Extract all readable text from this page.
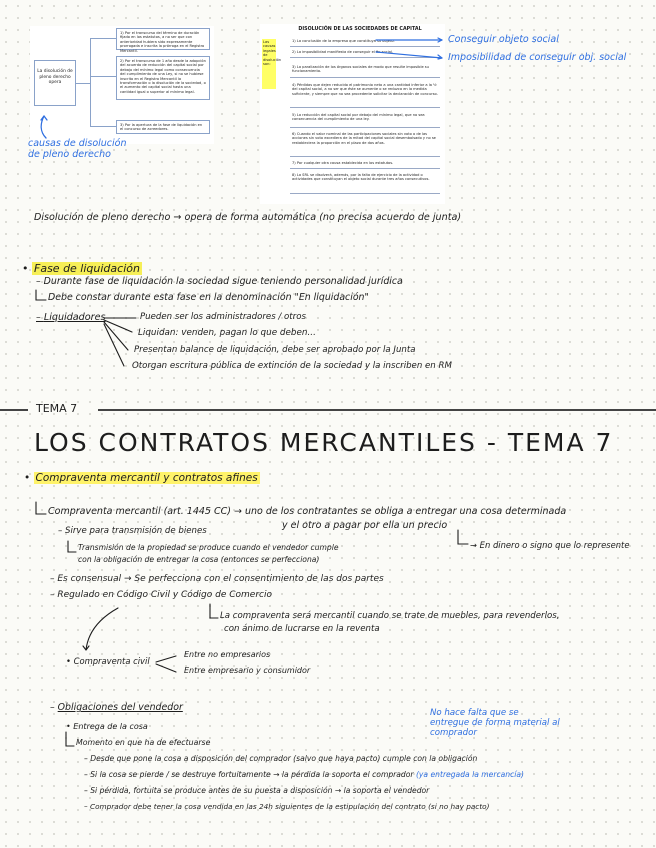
La disolución de pleno derecho opera
1) Por el transcurso del término de duración fijado en los estatutos, a no ser que con anterioridad hubiera sido expresamente prorrogada e inscrita la prórroga en el Registro Mercantil.
2) Por el transcurso de 1 año desde la adopción del acuerdo de reducción del capital social por debajo del mínimo legal como consecuencia del cumplimiento de una Ley, si no se hubiese inscrito en el Registro Mercantil la transformación o la disolución de la sociedad, o el aumento del capital social hasta una cantidad igual o superior al mínimo legal.
3) Por la apertura de la fase de liquidación en el concurso de acreedores.
DISOLUCIÓN DE LAS SOCIEDADES DE CAPITAL
Las causas legales de disolución son:
1) La conclusión de la empresa que constituya su objeto.
2) La imposibilidad manifiesta de conseguir el fin social.
3) La paralización de los órganos sociales de modo que resulte imposible su funcionamiento.
4) Pérdidas que dejen reducido el patrimonio neto a una cantidad inferior a la ½ del capital social, a no ser que éste se aumente o se reduzca en la medida suficiente, y siempre que no sea procedente solicitar la declaración de concurso.
5) La reducción del capital social por debajo del mínimo legal, que no sea consecuencia del cumplimiento de una ley.
6) Cuando el valor nominal de las participaciones sociales sin voto o de las acciones sin voto excediera de la mitad del capital social desembolsado y no se restableciera la proporción en el plazo de dos años.
7) Por cualquier otra causa establecida en los estatutos.
8) La SRL se disolverá, además, por la falta de ejercicio de la actividad o actividades que constituyan el objeto social durante tres años consecutivos.
causas de disolución de pleno derecho
Conseguir objeto social
Imposibilidad de conseguir obj. social
Disolución de pleno derecho → opera de forma automática (no precisa acuerdo de junta)
• Fase de liquidación
– Durante fase de liquidación la sociedad sigue teniendo personalidad jurídica
Debe constar durante esta fase en la denominación "En liquidación"
– Liquidadores	Pueden ser los administradores / otros
Liquidan: venden, pagan lo que deben...
Presentan balance de liquidación, debe ser aprobado por la Junta
Otorgan escritura pública de extinción de la sociedad y la inscriben en RM
TEMA 7
LOS CONTRATOS MERCANTILES - TEMA 7
• Compraventa mercantil y contratos afines
Compraventa mercantil (art. 1445 CC) → uno de los contratantes se obliga a entregar una cosa determinada
y el otro a pagar por ella un precio
– Sirve para transmisión de bienes
→ En dinero o signo que lo represente
Transmisión de la propiedad se produce cuando el vendedor cumple
con la obligación de entregar la cosa (entonces se perfecciona)
– Es consensual → Se perfecciona con el consentimiento de las dos partes
– Regulado en Código Civil y Código de Comercio
La compraventa será mercantil cuando se trate de muebles, para revenderlos,
con ánimo de lucrarse en la reventa
• Compraventa civil
Entre no empresarios
Entre empresario y consumidor
– Obligaciones del vendedor	No hace falta que se entregue de forma material al comprador
• Entrega de la cosa
Momento en que ha de efectuarse
– Desde que pone la cosa a disposición del comprador (salvo que haya pacto) cumple con la obligación
– Si la cosa se pierde / se destruye fortuitamente → la pérdida la soporta el comprador (ya entregada la mercancía)
– Si pérdida, fortuita se produce antes de su puesta a disposición → la soporta el vendedor
– Comprador debe tener la cosa vendida en las 24h siguientes de la estipulación del contrato (si no hay pacto)
